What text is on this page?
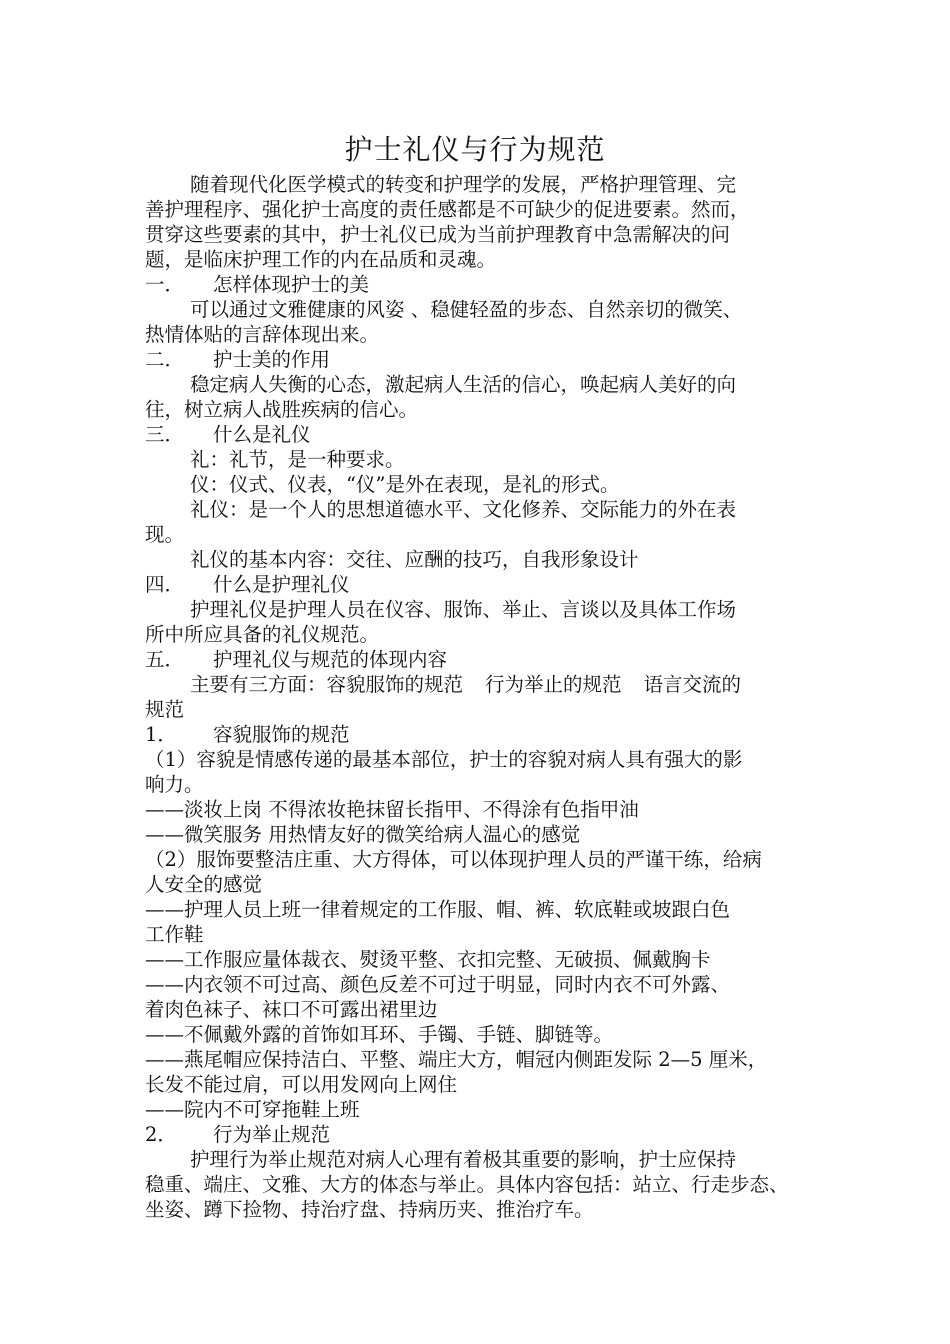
护士礼仪与行为规范
随着现代化医学模式的转变和护理学的发展，严格护理管理、完
善护理程序、强化护士高度的责任感都是不可缺少的促进要素。然而，
贯穿这些要素的其中，护士礼仪已成为当前护理教育中急需解决的问
题，是临床护理工作的内在品质和灵魂。
一． 怎样体现护士的美
可以通过文雅健康的风姿 、稳健轻盈的步态、自然亲切的微笑、
热情体贴的言辞体现出来。
二． 护士美的作用
稳定病人失衡的心态，激起病人生活的信心，唤起病人美好的向
往，树立病人战胜疾病的信心。
三． 什么是礼仪
礼：礼节，是一种要求。
仪：仪式、仪表，“仪”是外在表现，是礼的形式。
礼仪：是一个人的思想道德水平、文化修养、交际能力的外在表
现。
礼仪的基本内容：交往、应酬的技巧，自我形象设计
四． 什么是护理礼仪
护理礼仪是护理人员在仪容、服饰、举止、言谈以及具体工作场
所中所应具备的礼仪规范。
五． 护理礼仪与规范的体现内容
主要有三方面：容貌服饰的规范 行为举止的规范 语言交流的
规范
1． 容貌服饰的规范
（1）容貌是情感传递的最基本部位，护士的容貌对病人具有强大的影
响力。
——淡妆上岗 不得浓妆艳抹留长指甲、不得涂有色指甲油
——微笑服务 用热情友好的微笑给病人温心的感觉
（2）服饰要整洁庄重、大方得体，可以体现护理人员的严谨干练，给病
人安全的感觉
——护理人员上班一律着规定的工作服、帽、裤、软底鞋或坡跟白色
工作鞋
——工作服应量体裁衣、熨烫平整、衣扣完整、无破损、佩戴胸卡
——内衣领不可过高、颜色反差不可过于明显，同时内衣不可外露、
着肉色袜子、袜口不可露出裙里边
——不佩戴外露的首饰如耳环、手镯、手链、脚链等。
——燕尾帽应保持洁白、平整、端庄大方，帽冠内侧距发际 2—5 厘米，
长发不能过肩，可以用发网向上网住
——院内不可穿拖鞋上班
2． 行为举止规范
护理行为举止规范对病人心理有着极其重要的影响，护士应保持
稳重、端庄、文雅、大方的体态与举止。具体内容包括：站立、行走步态、
坐姿、蹲下捡物、持治疗盘、持病历夹、推治疗车。
